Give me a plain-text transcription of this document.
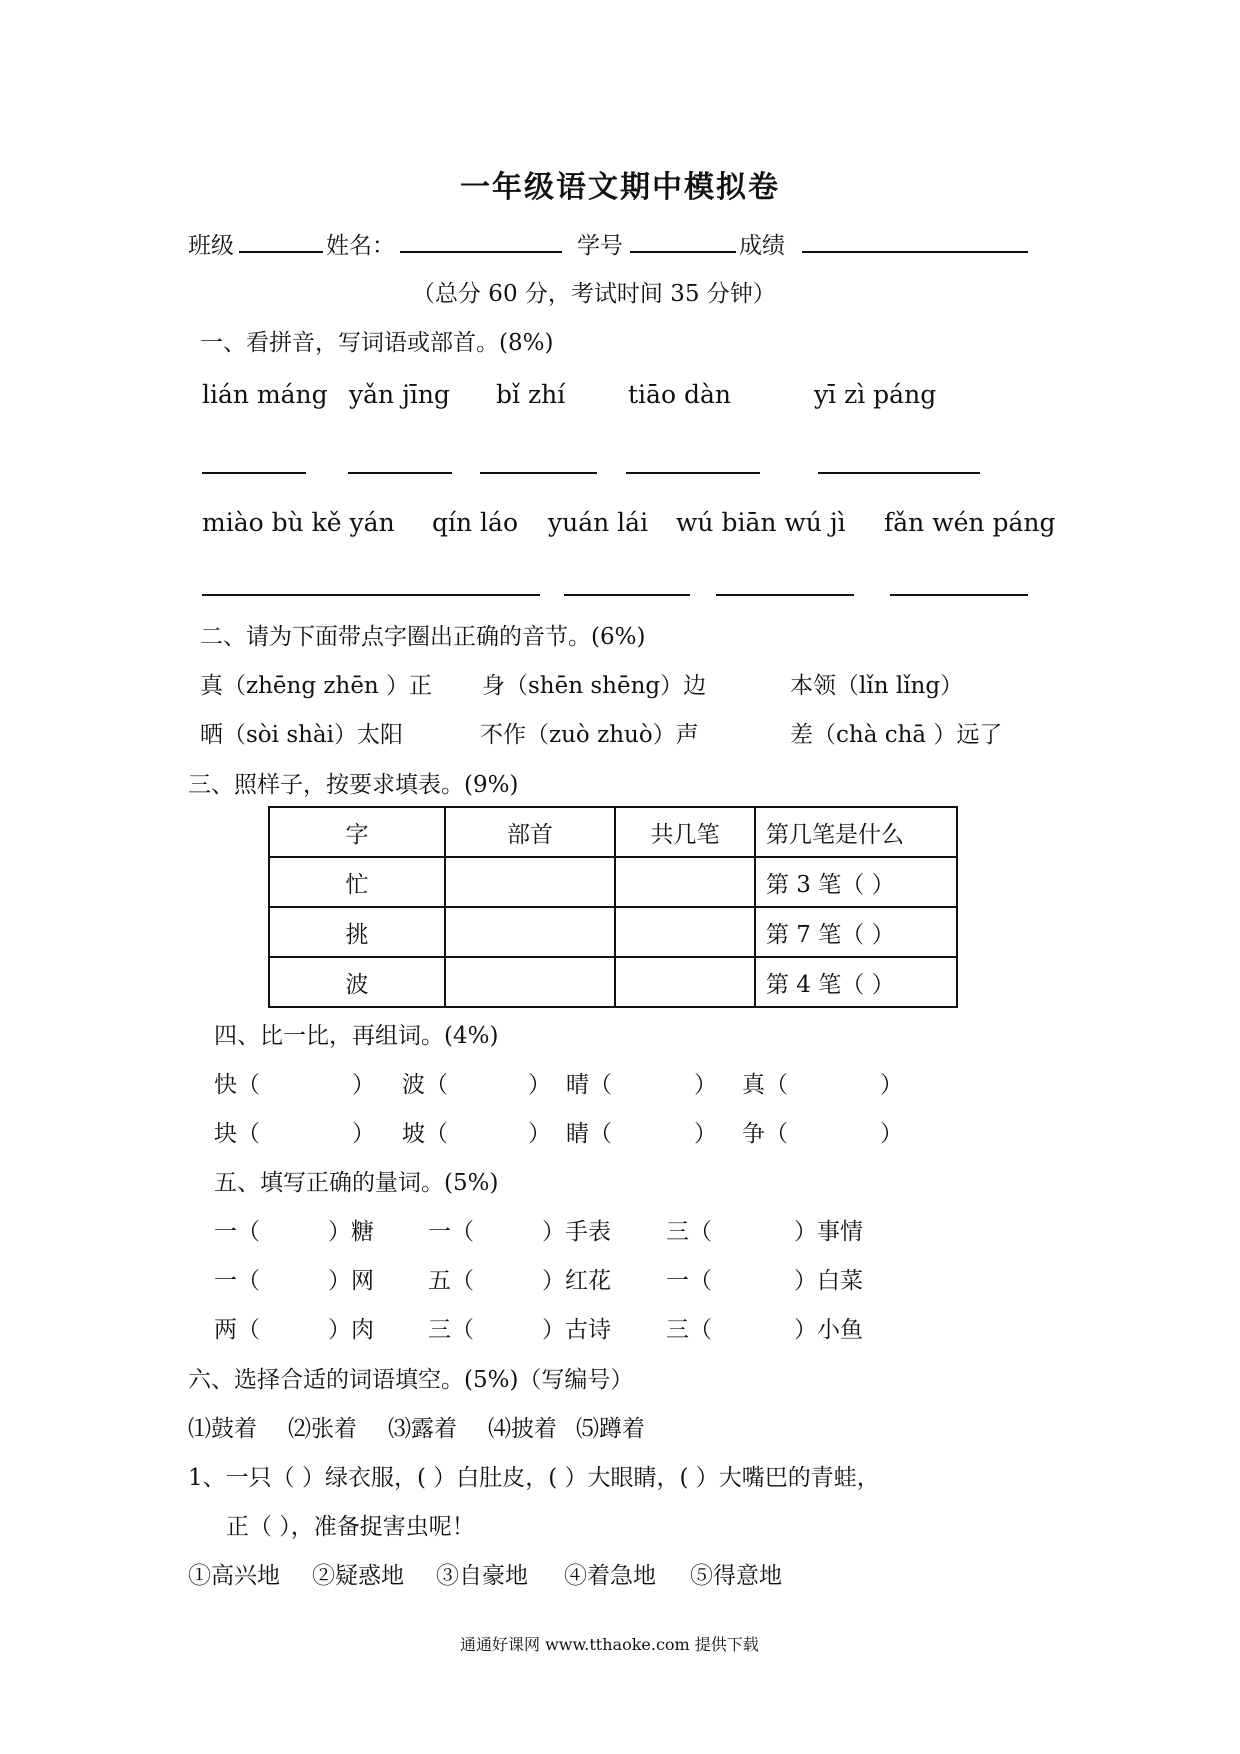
一年级语文期中模拟卷
班级	姓名：	学号	成绩
（总分 60 分，考试时间 35 分钟）
一、看拼音，写词语或部首。(8%)
lián máng yǎn jīng bǐ zhí	tiāo dàn	yī zì páng
miào bù kě yán qín láo yuán lái wú biān wú jì fǎn wén páng
二、请为下面带点字圈出正确的音节。(6%)
真（zhēng zhēn ）正 身（shēn shēng）边	本领（lǐn lǐng）
晒（sòi shài）太阳	不作（zuò zhuò）声	差（chà chā ）远了
三、照样子，按要求填表。(9%)
字	部首	共几笔	第几笔是什么
忙			第 3 笔（ ）
挑			第 7 笔（ ）
波			第 4 笔（ ）
四、比一比，再组词。(4%)
快（	） 波（	） 晴（	） 真（	）
块（	） 坡（	） 睛（	） 争（	）
五、填写正确的量词。(5%)
一（	）糖 一（	）手表 三（	）事情
一（	）网 五（	）红花 一（	）白菜
两（	）肉 三（	）古诗 三（	）小鱼
六、选择合适的词语填空。(5%)（写编号）
⑴鼓着 ⑵张着 ⑶露着 ⑷披着 ⑸蹲着
1、一只（ ）绿衣服，( ）白肚皮，( ）大眼睛，( ）大嘴巴的青蛙，
正（ ），准备捉害虫呢！
①高兴地 ②疑惑地 ③自豪地 ④着急地 ⑤得意地
通通好课网 www.tthaoke.com 提供下载
